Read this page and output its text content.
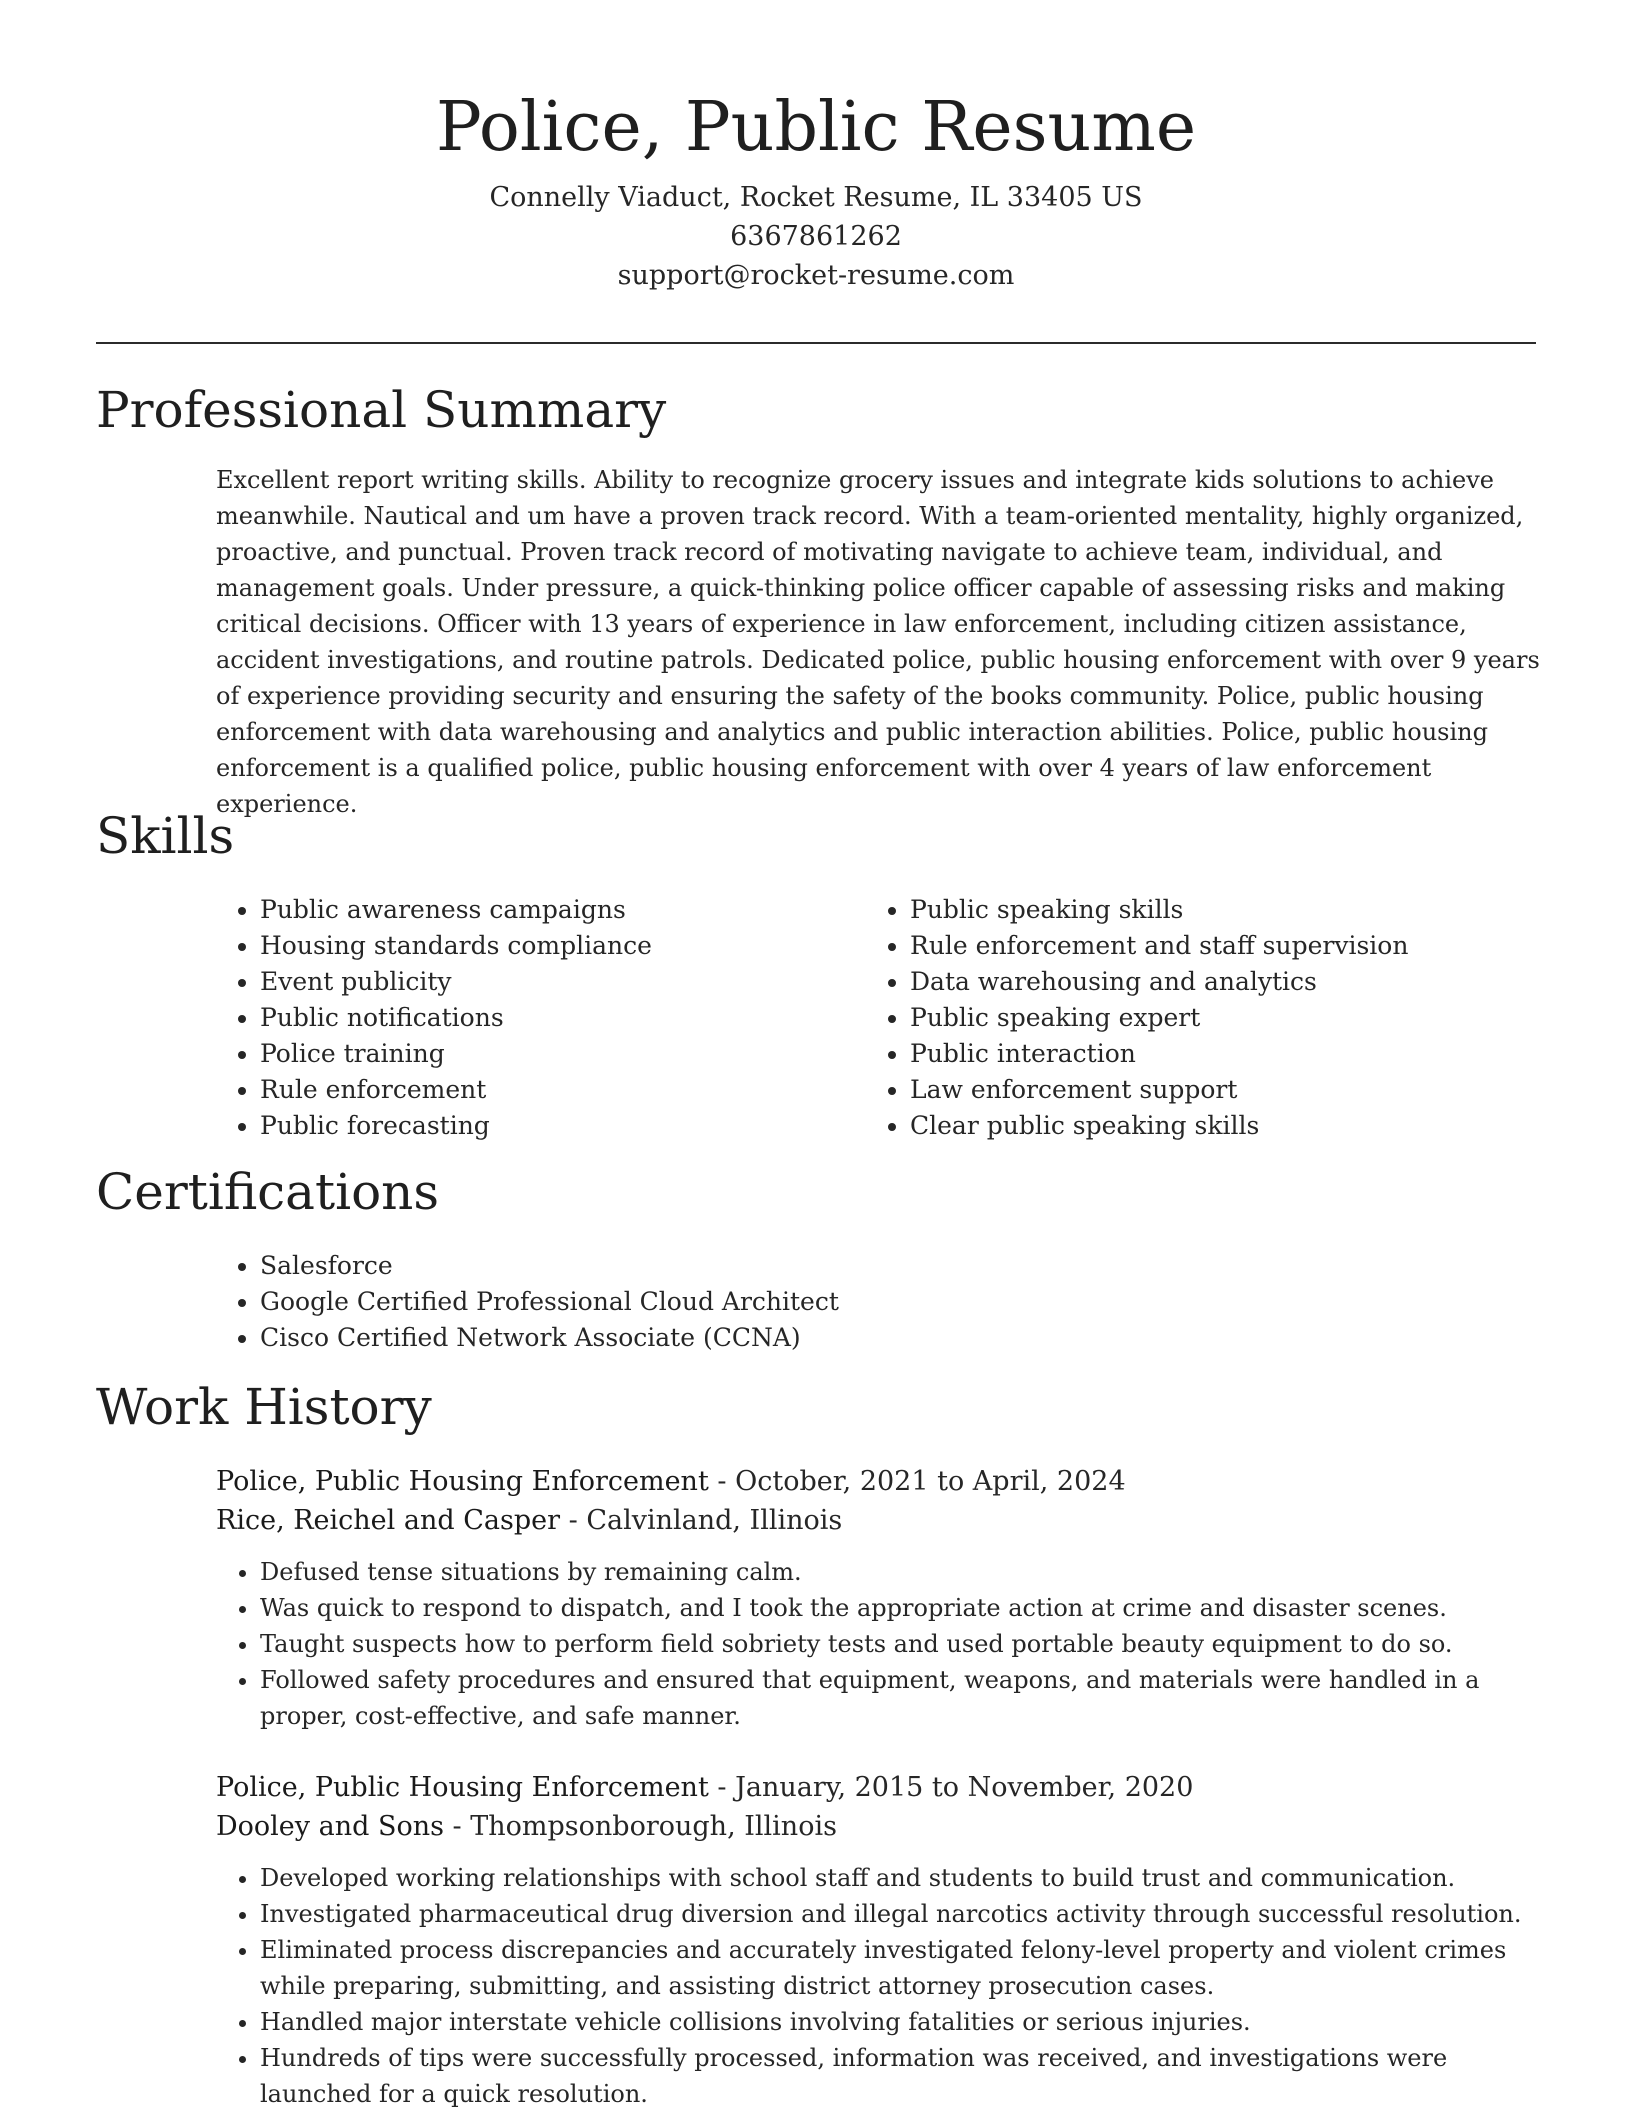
Police, Public Resume
Connelly Viaduct, Rocket Resume, IL 33405 US
6367861262
support@rocket-resume.com
Professional Summary

Excellent report writing skills. Ability to recognize grocery issues and integrate kids solutions to achieve meanwhile. Nautical and um have a proven track record. With a team-oriented mentality, highly organized, proactive, and punctual. Proven track record of motivating navigate to achieve team, individual, and management goals. Under pressure, a quick-thinking police officer capable of assessing risks and making critical decisions. Officer with 13 years of experience in law enforcement, including citizen assistance, accident investigations, and routine patrols. Dedicated police, public housing enforcement with over 9 years of experience providing security and ensuring the safety of the books community. Police, public housing enforcement with data warehousing and analytics and public interaction abilities. Police, public housing enforcement is a qualified police, public housing enforcement with over 4 years of law enforcement experience.

Skills
• Public awareness campaigns
• Housing standards compliance
• Event publicity
• Public notifications
• Police training
• Rule enforcement
• Public forecasting
• Public speaking skills
• Rule enforcement and staff supervision
• Data warehousing and analytics
• Public speaking expert
• Public interaction
• Law enforcement support
• Clear public speaking skills
Certifications
• Salesforce
• Google Certified Professional Cloud Architect
• Cisco Certified Network Associate (CCNA)
Work History
Police, Public Housing Enforcement - October, 2021 to April, 2024
Rice, Reichel and Casper - Calvinland, Illinois
• Defused tense situations by remaining calm.
• Was quick to respond to dispatch, and I took the appropriate action at crime and disaster scenes.
• Taught suspects how to perform field sobriety tests and used portable beauty equipment to do so.
• Followed safety procedures and ensured that equipment, weapons, and materials were handled in a proper, cost-effective, and safe manner.
Police, Public Housing Enforcement - January, 2015 to November, 2020
Dooley and Sons - Thompsonborough, Illinois
• Developed working relationships with school staff and students to build trust and communication.
• Investigated pharmaceutical drug diversion and illegal narcotics activity through successful resolution.
• Eliminated process discrepancies and accurately investigated felony-level property and violent crimes while preparing, submitting, and assisting district attorney prosecution cases.
• Handled major interstate vehicle collisions involving fatalities or serious injuries.
• Hundreds of tips were successfully processed, information was received, and investigations were launched for a quick resolution.
